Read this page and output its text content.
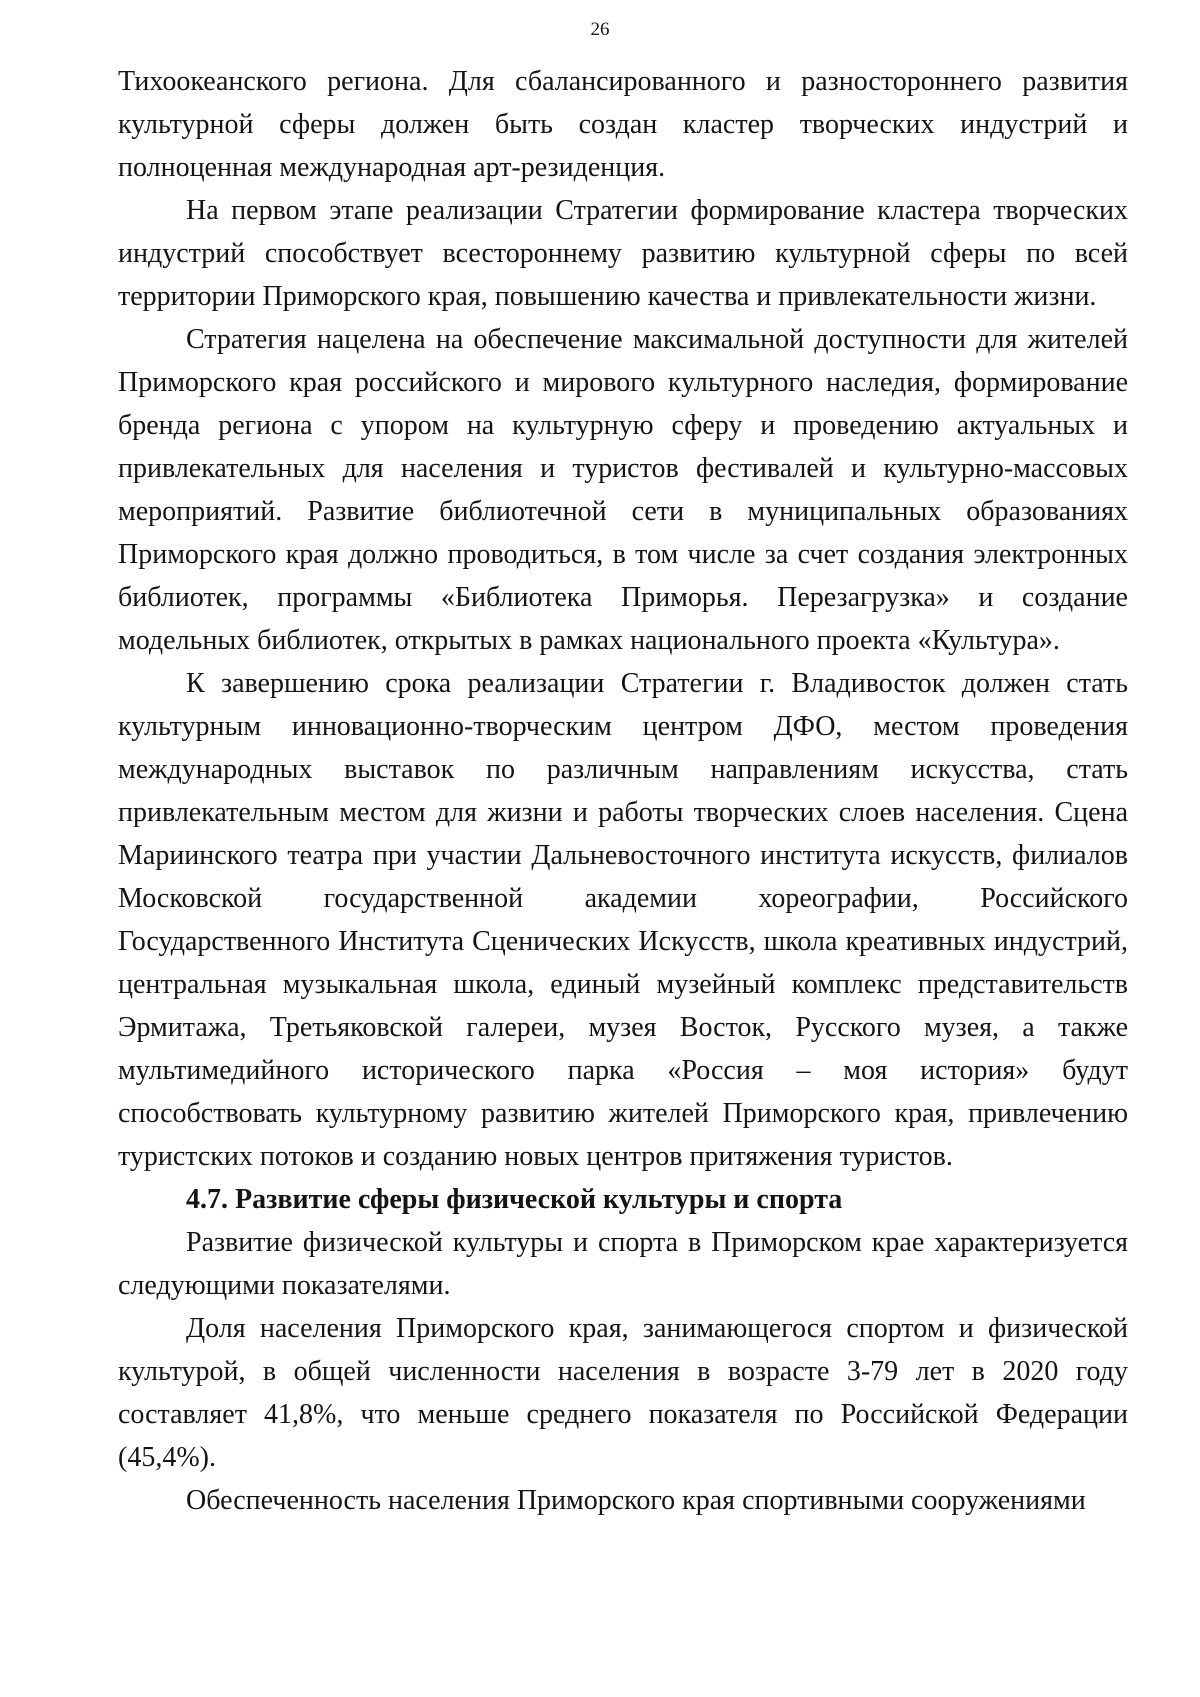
26

Тихоокеанского региона. Для сбалансированного и разностороннего развития культурной сферы должен быть создан кластер творческих индустрий и полноценная международная арт-резиденция.

На первом этапе реализации Стратегии формирование кластера творческих индустрий способствует всестороннему развитию культурной сферы по всей территории Приморского края, повышению качества и привлекательности жизни.

Стратегия нацелена на обеспечение максимальной доступности для жителей Приморского края российского и мирового культурного наследия, формирование бренда региона с упором на культурную сферу и проведению актуальных и привлекательных для населения и туристов фестивалей и культурно-массовых мероприятий. Развитие библиотечной сети в муниципальных образованиях Приморского края должно проводиться, в том числе за счет создания электронных библиотек, программы «Библиотека Приморья. Перезагрузка» и создание модельных библиотек, открытых в рамках национального проекта «Культура».

К завершению срока реализации Стратегии г. Владивосток должен стать культурным инновационно-творческим центром ДФО, местом проведения международных выставок по различным направлениям искусства, стать привлекательным местом для жизни и работы творческих слоев населения. Сцена Мариинского театра при участии Дальневосточного института искусств, филиалов Московской государственной академии хореографии, Российского Государственного Института Сценических Искусств, школа креативных индустрий, центральная музыкальная школа, единый музейный комплекс представительств Эрмитажа, Третьяковской галереи, музея Восток, Русского музея, а также мультимедийного исторического парка «Россия – моя история» будут способствовать культурному развитию жителей Приморского края, привлечению туристских потоков и созданию новых центров притяжения туристов.

4.7. Развитие сферы физической культуры и спорта

Развитие физической культуры и спорта в Приморском крае характеризуется следующими показателями.

Доля населения Приморского края, занимающегося спортом и физической культурой, в общей численности населения в возрасте 3-79 лет в 2020 году составляет 41,8%, что меньше среднего показателя по Российской Федерации (45,4%).

Обеспеченность населения Приморского края спортивными сооружениями
